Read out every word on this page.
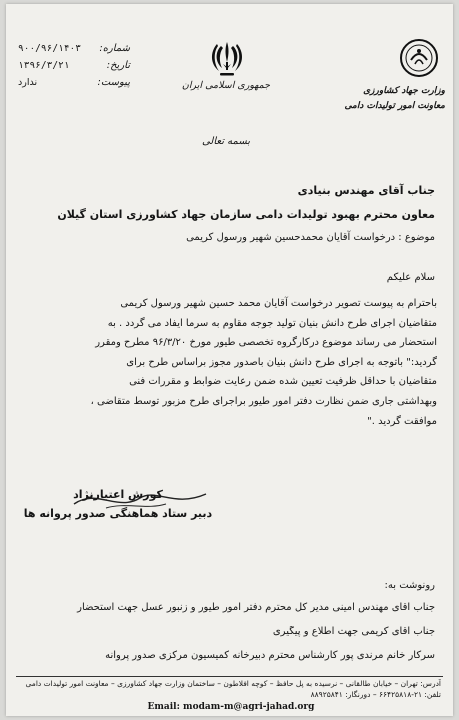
شماره:
۹۰۰/۹۶/۱۴۰۳
تاریخ:
۱۳۹۶/۳/۲۱
پیوست:
ندارد	جمهوری اسلامی ایران	وزارت جهاد کشاورزی
معاونت امور تولیدات دامی
بسمه تعالی
جناب آقای مهندس بنیادی
معاون محترم بهبود تولیدات دامی سازمان جهاد کشاورزی استان گیلان
موضوع : درخواست آقایان محمدحسین شهیر ورسول کریمی
سلام علیکم
باحترام به پیوست تصویر درخواست آقایان محمد حسین شهیر ورسول کریمی
متقاضیان اجرای طرح دانش بنیان تولید جوجه مقاوم به سرما ایفاد می گردد . به
استحضار می رساند موضوع درکارگروه تخصصی طیور مورخ ۹۶/۳/۲۰ مطرح ومقرر
گردید:" باتوجه به اجرای طرح دانش بنیان باصدور مجوز براساس طرح برای
متقاضیان با حداقل ظرفیت تعیین شده ضمن رعایت ضوابط و مقررات فنی
وبهداشتی جاری ضمن نظارت دفتر امور طیور براجرای طرح مزبور توسط متقاضی ،
موافقت گردید ."
کورش اعتبارنژاد
دبیر ستاد هماهنگی صدور پروانه ها
رونوشت به:
جناب آقای مهندس امینی مدیر کل محترم دفتر امور طیور و زنبور عسل جهت استحضار
جناب آقای کریمی جهت اطلاع و پیگیری
سرکار خانم مرندی پور کارشناس محترم دبیرخانه کمیسیون مرکزی صدور پروانه
آدرس: تهران – خیابان طالقانی – نرسیده به پل حافظ – کوچه افلاطون – ساختمان وزارت جهاد کشاورزی – معاونت امور تولیدات دامی
تلفن: ۲۱-۶۶۴۲۵۸۱۸ – دورنگار: ۸۸۹۲۵۸۴۱
Email: modam-m@agri-jahad.org
